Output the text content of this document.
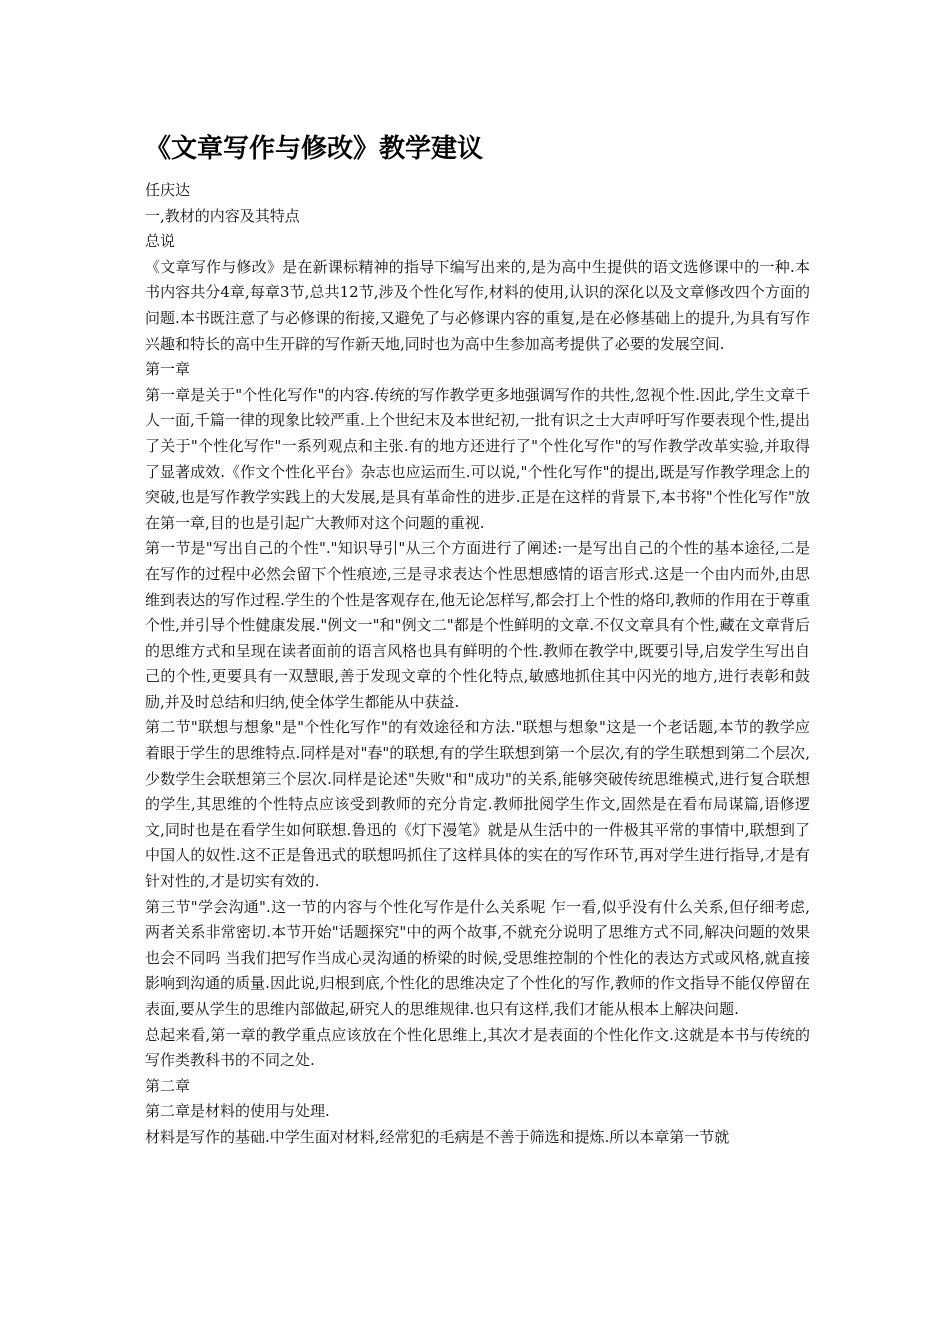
《文章写作与修改》教学建议

任庆达

一,教材的内容及其特点

总说

《文章写作与修改》是在新课标精神的指导下编写出来的,是为高中生提供的语文选修课中的一种.本书内容共分4章,每章3节,总共12节,涉及个性化写作,材料的使用,认识的深化以及文章修改四个方面的问题.本书既注意了与必修课的衔接,又避免了与必修课内容的重复,是在必修基础上的提升,为具有写作兴趣和特长的高中生开辟的写作新天地,同时也为高中生参加高考提供了必要的发展空间.

第一章

第一章是关于"个性化写作"的内容.传统的写作教学更多地强调写作的共性,忽视个性.因此,学生文章千人一面,千篇一律的现象比较严重.上个世纪末及本世纪初,一批有识之士大声呼吁写作要表现个性,提出了关于"个性化写作"一系列观点和主张.有的地方还进行了"个性化写作"的写作教学改革实验,并取得了显著成效.《作文个性化平台》杂志也应运而生.可以说,"个性化写作"的提出,既是写作教学理念上的突破,也是写作教学实践上的大发展,是具有革命性的进步.正是在这样的背景下,本书将"个性化写作"放在第一章,目的也是引起广大教师对这个问题的重视.

第一节是"写出自己的个性"."知识导引"从三个方面进行了阐述:一是写出自己的个性的基本途径,二是在写作的过程中必然会留下个性痕迹,三是寻求表达个性思想感情的语言形式.这是一个由内而外,由思维到表达的写作过程.学生的个性是客观存在,他无论怎样写,都会打上个性的烙印,教师的作用在于尊重个性,并引导个性健康发展."例文一"和"例文二"都是个性鲜明的文章.不仅文章具有个性,藏在文章背后的思维方式和呈现在读者面前的语言风格也具有鲜明的个性.教师在教学中,既要引导,启发学生写出自己的个性,更要具有一双慧眼,善于发现文章的个性化特点,敏感地抓住其中闪光的地方,进行表彰和鼓励,并及时总结和归纳,使全体学生都能从中获益.

第二节"联想与想象"是"个性化写作"的有效途径和方法."联想与想象"这是一个老话题,本节的教学应着眼于学生的思维特点.同样是对"春"的联想,有的学生联想到第一个层次,有的学生联想到第二个层次,少数学生会联想第三个层次.同样是论述"失败"和"成功"的关系,能够突破传统思维模式,进行复合联想的学生,其思维的个性特点应该受到教师的充分肯定.教师批阅学生作文,固然是在看布局谋篇,语修逻文,同时也是在看学生如何联想.鲁迅的《灯下漫笔》就是从生活中的一件极其平常的事情中,联想到了中国人的奴性.这不正是鲁迅式的联想吗抓住了这样具体的实在的写作环节,再对学生进行指导,才是有针对性的,才是切实有效的.

第三节"学会沟通".这一节的内容与个性化写作是什么关系呢 乍一看,似乎没有什么关系,但仔细考虑,两者关系非常密切.本节开始"话题探究"中的两个故事,不就充分说明了思维方式不同,解决问题的效果也会不同吗 当我们把写作当成心灵沟通的桥梁的时候,受思维控制的个性化的表达方式或风格,就直接影响到沟通的质量.因此说,归根到底,个性化的思维决定了个性化的写作,教师的作文指导不能仅停留在表面,要从学生的思维内部做起,研究人的思维规律.也只有这样,我们才能从根本上解决问题.

总起来看,第一章的教学重点应该放在个性化思维上,其次才是表面的个性化作文.这就是本书与传统的写作类教科书的不同之处.

第二章

第二章是材料的使用与处理.

材料是写作的基础.中学生面对材料,经常犯的毛病是不善于筛选和提炼.所以本章第一节就
